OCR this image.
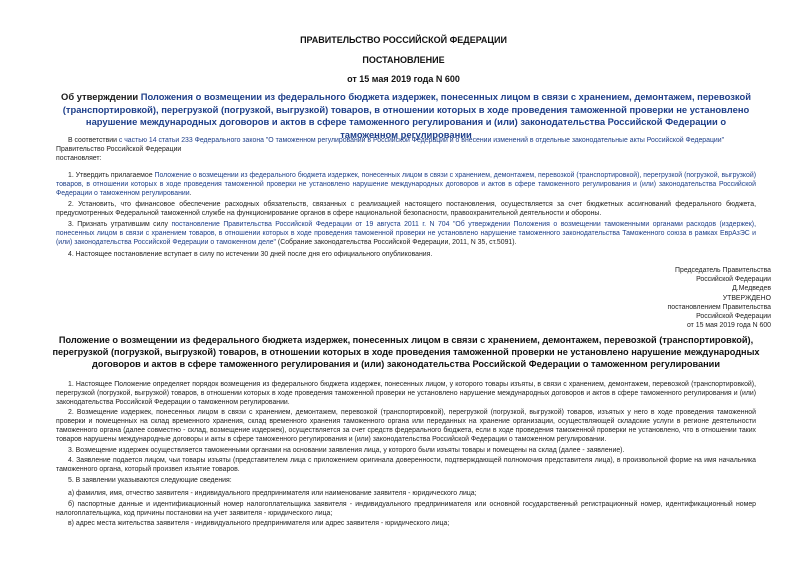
ПРАВИТЕЛЬСТВО РОССИЙСКОЙ ФЕДЕРАЦИИ
ПОСТАНОВЛЕНИЕ
от 15 мая 2019 года N 600
Об утверждении Положения о возмещении из федерального бюджета издержек, понесенных лицом в связи с хранением, демонтажем, перевозкой (транспортировкой), перегрузкой (погрузкой, выгрузкой) товаров, в отношении которых в ходе проведения таможенной проверки не установлено нарушение международных договоров и актов в сфере таможенного регулирования и (или) законодательства Российской Федерации о таможенном регулировании

В соответствии с частью 14 статьи 233 Федерального закона "О таможенном регулировании в Российской Федерации и о внесении изменений в отдельные законодательные акты Российской Федерации"

Правительство Российской Федерации

постановляет:

1. Утвердить прилагаемое Положение о возмещении из федерального бюджета издержек, понесенных лицом в связи с хранением, демонтажем, перевозкой (транспортировкой), перегрузкой (погрузкой, выгрузкой) товаров, в отношении которых в ходе проведения таможенной проверки не установлено нарушение международных договоров и актов в сфере таможенного регулирования и (или) законодательства Российской Федерации о таможенном регулировании.

2. Установить, что финансовое обеспечение расходных обязательств, связанных с реализацией настоящего постановления, осуществляется за счет бюджетных ассигнований федерального бюджета, предусмотренных Федеральной таможенной службе на функционирование органов в сфере национальной безопасности, правоохранительной деятельности и обороны.

3. Признать утратившим силу постановление Правительства Российской Федерации от 19 августа 2011 г. N 704 "Об утверждении Положения о возмещении таможенными органами расходов (издержек), понесенных лицом в связи с хранением товаров, в отношении которых в ходе проведения таможенной проверки не установлено нарушение таможенного законодательства Таможенного союза в рамках ЕврАзЭС и (или) законодательства Российской Федерации о таможенном деле" (Собрание законодательства Российской Федерации, 2011, N 35, ст.5091).

4. Настоящее постановление вступает в силу по истечении 30 дней после дня его официального опубликования.

Председатель Правительства
Российской Федерации
Д.Медведев
УТВЕРЖДЕНО
постановлением Правительства
Российской Федерации
от 15 мая 2019 года N 600
Положение о возмещении из федерального бюджета издержек, понесенных лицом в связи с хранением, демонтажем, перевозкой (транспортировкой), перегрузкой (погрузкой, выгрузкой) товаров, в отношении которых в ходе проведения таможенной проверки не установлено нарушение международных договоров и актов в сфере таможенного регулирования и (или) законодательства Российской Федерации о таможенном регулировании

1. Настоящее Положение определяет порядок возмещения из федерального бюджета издержек, понесенных лицом, у которого товары изъяты, в связи с хранением, демонтажем, перевозкой (транспортировкой), перегрузкой (погрузкой, выгрузкой) товаров, в отношении которых в ходе проведения таможенной проверки не установлено нарушение международных договоров и актов в сфере таможенного регулирования и (или) законодательства Российской Федерации о таможенном регулировании.

2. Возмещение издержек, понесенных лицом в связи с хранением, демонтажем, перевозкой (транспортировкой), перегрузкой (погрузкой, выгрузкой) товаров, изъятых у него в ходе проведения таможенной проверки и помещенных на склад временного хранения, склад временного хранения таможенного органа или переданных на хранение организации, осуществляющей складские услуги в регионе деятельности таможенного органа (далее совместно - склад, возмещение издержек), осуществляется за счет средств федерального бюджета, если в ходе проведения таможенной проверки не установлено, что в отношении таких товаров нарушены международные договоры и акты в сфере таможенного регулирования и (или) законодательства Российской Федерации о таможенном регулировании.

3. Возмещение издержек осуществляется таможенными органами на основании заявления лица, у которого были изъяты товары и помещены на склад (далее - заявление).

4. Заявление подается лицом, чьи товары изъяты (представителем лица с приложением оригинала доверенности, подтверждающей полномочия представителя лица), в произвольной форме на имя начальника таможенного органа, который произвел изъятие товаров.

5. В заявлении указываются следующие сведения:

а) фамилия, имя, отчество заявителя - индивидуального предпринимателя или наименование заявителя - юридического лица;

б) паспортные данные и идентификационный номер налогоплательщика заявителя - индивидуального предпринимателя или основной государственный регистрационный номер, идентификационный номер налогоплательщика, код причины постановки на учет заявителя - юридического лица;

в) адрес места жительства заявителя - индивидуального предпринимателя или адрес заявителя - юридического лица;
